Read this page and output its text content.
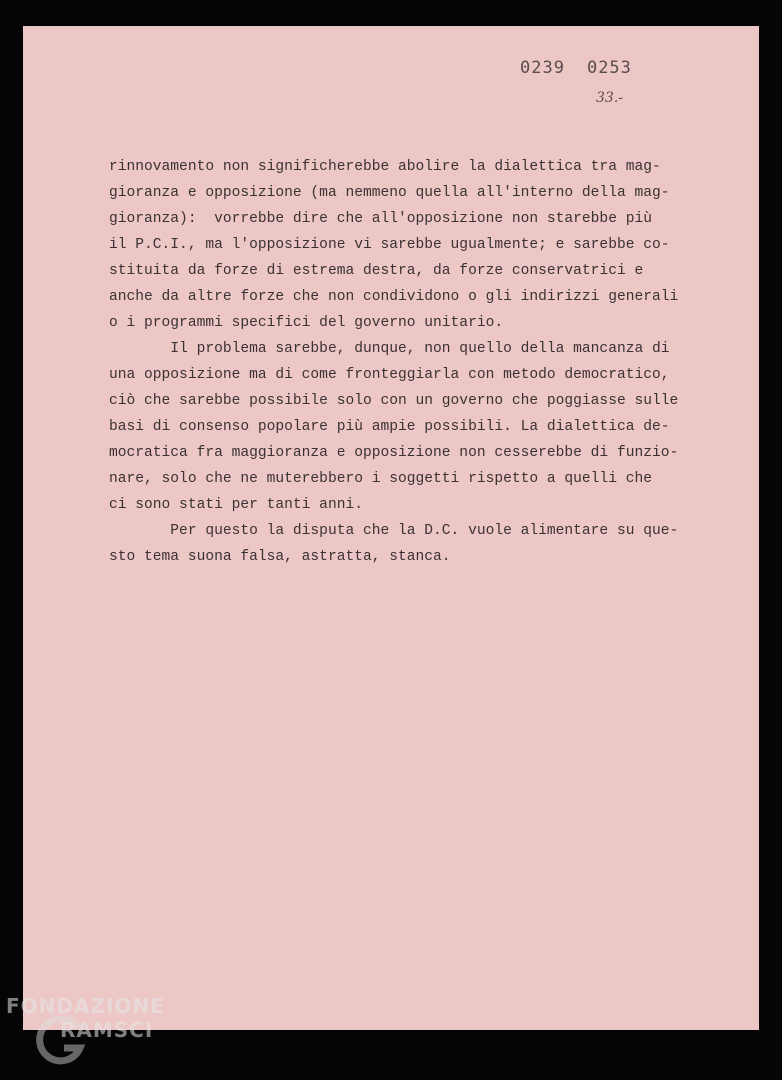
0239 0253
33.-
rinnovamento non significherebbe abolire la dialettica tra mag-
gioranza e opposizione (ma nemmeno quella all'interno della mag-
gioranza):  vorrebbe dire che all'opposizione non starebbe più
il P.C.I., ma l'opposizione vi sarebbe ugualmente; e sarebbe co-
stituita da forze di estrema destra, da forze conservatrici e
anche da altre forze che non condividono o gli indirizzi generali
o i programmi specifici del governo unitario.
Il problema sarebbe, dunque, non quello della mancanza di
una opposizione ma di come fronteggiarla con metodo democratico,
ciò che sarebbe possibile solo con un governo che poggiasse sulle
basi di consenso popolare più ampie possibili. La dialettica de-
mocratica fra maggioranza e opposizione non cesserebbe di funzio-
nare, solo che ne muterebbero i soggetti rispetto a quelli che
ci sono stati per tanti anni.
Per questo la disputa che la D.C. vuole alimentare su que-
sto tema suona falsa, astratta, stanca.
FONDAZIONE
RAMSCI
